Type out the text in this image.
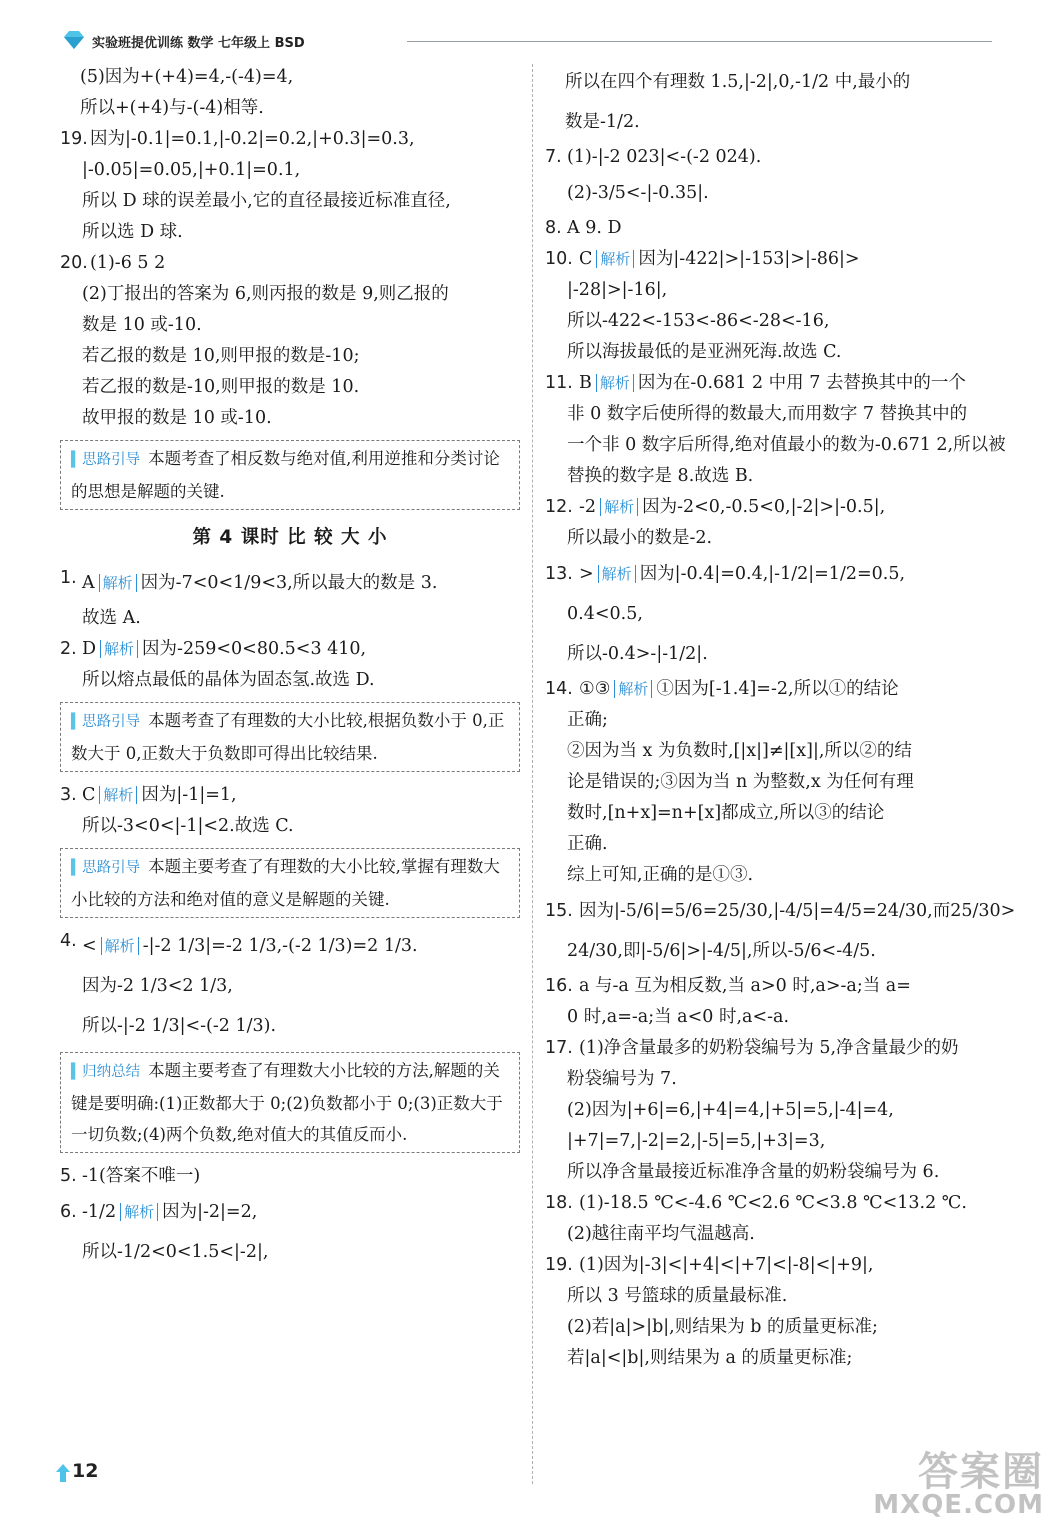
实验班提优训练 数学 七年级上 BSD
(5)因为+(+4)=4,-(-4)=4,
所以+(+4)与-(-4)相等.
19. 因为|-0.1|=0.1,|-0.2|=0.2,|+0.3|=0.3,
|-0.05|=0.05,|+0.1|=0.1,
所以 D 球的误差最小,它的直径最接近标准直径,
所以选 D 球.
20. (1)-6 5 2
(2)丁报出的答案为 6,则丙报的数是 9,则乙报的
数是 10 或-10.
若乙报的数是 10,则甲报的数是-10;
若乙报的数是-10,则甲报的数是 10.
故甲报的数是 10 或-10.
▍ 思路引导 本题考查了相反数与绝对值,利用逆推和分类讨论的思想是解题的关键.
第 4 课时 比 较 大 小
1. A 解析 因为-7<0<1/9<3,所以最大的数是 3.
故选 A.
2. D 解析 因为-259<0<80.5<3 410,
所以熔点最低的晶体为固态氢.故选 D.
▍ 思路引导 本题考查了有理数的大小比较,根据负数小于 0,正数大于 0,正数大于负数即可得出比较结果.
3. C 解析 因为|-1|=1,
所以-3<0<|-1|<2.故选 C.
▍ 思路引导 本题主要考查了有理数的大小比较,掌握有理数大小比较的方法和绝对值的意义是解题的关键.
4. < 解析 -|-2 1/3|=-2 1/3,-(-2 1/3)=2 1/3.
因为-2 1/3<2 1/3,
所以-|-2 1/3|<-(-2 1/3).
▍ 归纳总结 本题主要考查了有理数大小比较的方法,解题的关键是要明确:(1)正数都大于 0;(2)负数都小于 0;(3)正数大于一切负数;(4)两个负数,绝对值大的其值反而小.
5. -1(答案不唯一)
6. -1/2 解析 因为|-2|=2,
所以-1/2<0<1.5<|-2|,
所以在四个有理数 1.5,|-2|,0,-1/2 中,最小的
数是-1/2.
7. (1)-|-2 023|<-(-2 024).
(2)-3/5<-|-0.35|.
8. A 9. D
10. C 解析 因为|-422|>|-153|>|-86|>
|-28|>|-16|,
所以-422<-153<-86<-28<-16,
所以海拔最低的是亚洲死海.故选 C.
11. B 解析 因为在-0.681 2 中用 7 去替换其中的一个
非 0 数字后使所得的数最大,而用数字 7 替换其中的
一个非 0 数字后所得,绝对值最小的数为-0.671 2,所以被
替换的数字是 8.故选 B.
12. -2 解析 因为-2<0,-0.5<0,|-2|>|-0.5|,
所以最小的数是-2.
13. > 解析 因为|-0.4|=0.4,|-1/2|=1/2=0.5,
0.4<0.5,
所以-0.4>-|-1/2|.
14. ①③ 解析 ①因为[-1.4]=-2,所以①的结论
正确;
②因为当 x 为负数时,[|x|]≠|[x]|,所以②的结
论是错误的;③因为当 n 为整数,x 为任何有理
数时,[n+x]=n+[x]都成立,所以③的结论
正确.
综上可知,正确的是①③.
15. 因为|-5/6|=5/6=25/30,|-4/5|=4/5=24/30,而25/30>
24/30,即|-5/6|>|-4/5|,所以-5/6<-4/5.
16. a 与-a 互为相反数,当 a>0 时,a>-a;当 a=
0 时,a=-a;当 a<0 时,a<-a.
17. (1)净含量最多的奶粉袋编号为 5,净含量最少的奶
粉袋编号为 7.
(2)因为|+6|=6,|+4|=4,|+5|=5,|-4|=4,
|+7|=7,|-2|=2,|-5|=5,|+3|=3,
所以净含量最接近标准净含量的奶粉袋编号为 6.
18. (1)-18.5 ℃<-4.6 ℃<2.6 ℃<3.8 ℃<13.2 ℃.
(2)越往南平均气温越高.
19. (1)因为|-3|<|+4|<|+7|<|-8|<|+9|,
所以 3 号篮球的质量最标准.
(2)若|a|>|b|,则结果为 b 的质量更标准;
若|a|<|b|,则结果为 a 的质量更标准;
12	答案圈
MXQE.COM
